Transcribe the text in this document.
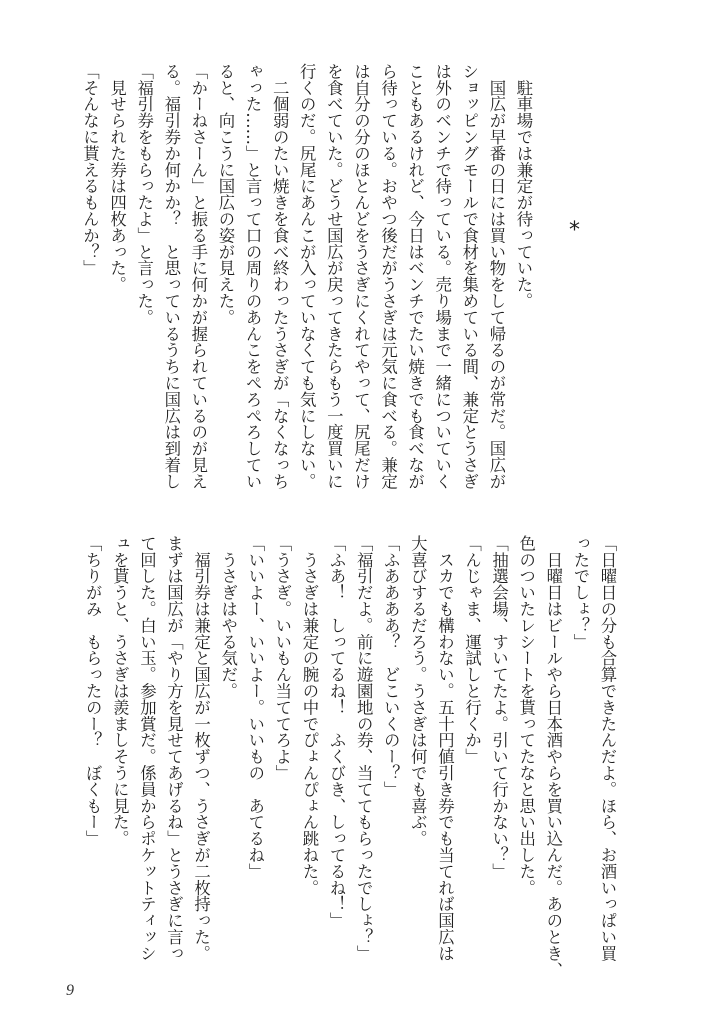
*
　駐車場では兼定が待っていた。
　国広が早番の日には買い物をして帰るのが常だ。国広が
ショッピングモールで食材を集めている間、兼定とうさぎ
は外のベンチで待っている。売り場まで一緒についていく
こともあるけれど、今日はベンチでたい焼きでも食べなが
ら待っている。おやつ後だがうさぎは元気に食べる。兼定
は自分の分のほとんどをうさぎにくれてやって、尻尾だけ
を食べていた。どうせ国広が戻ってきたらもう一度買いに
行くのだ。尻尾にあんこが入っていなくても気にしない。
　二個弱のたい焼きを食べ終わったうさぎが「なくなっち
ゃった……」と言って口の周りのあんこをぺろぺろしてい
ると、向こうに国広の姿が見えた。
「かーねさーん」と振る手に何かが握られているのが見え
る。福引券か何かか？　と思っているうちに国広は到着し
「福引券をもらったよ」と言った。
　見せられた券は四枚あった。
「そんなに貰えるもんか？」
「日曜日の分も合算できたんだよ。ほら、お酒いっぱい買
ったでしょ？」
　日曜日はビールやら日本酒やらを買い込んだ。あのとき、
色のついたレシートを貰ってたなと思い出した。
「抽選会場、すいてたよ。引いて行かない？」
「んじゃま、運試しと行くか」
　スカでも構わない。五十円値引き券でも当てれば国広は
大喜びするだろう。うさぎは何でも喜ぶ。
「ふああああ？　どこいくのー？」
「福引だよ。前に遊園地の券、当ててもらったでしょ？」
「ふあ！　しってるね！　ふくびき、しってるね！」
　うさぎは兼定の腕の中でぴょんぴょん跳ねた。
「うさぎ。いいもん当ててろよ」
「いいよー、いいよー。いいもの　あてるね」
　うさぎはやる気だ。
　福引券は兼定と国広が一枚ずつ、うさぎが二枚持った。
まずは国広が「やり方を見せてあげるね」とうさぎに言っ
て回した。白い玉。参加賞だ。係員からポケットティッシ
ュを貰うと、うさぎは羨ましそうに見た。
「ちりがみ　もらったのー？　ぼくもー」
9
